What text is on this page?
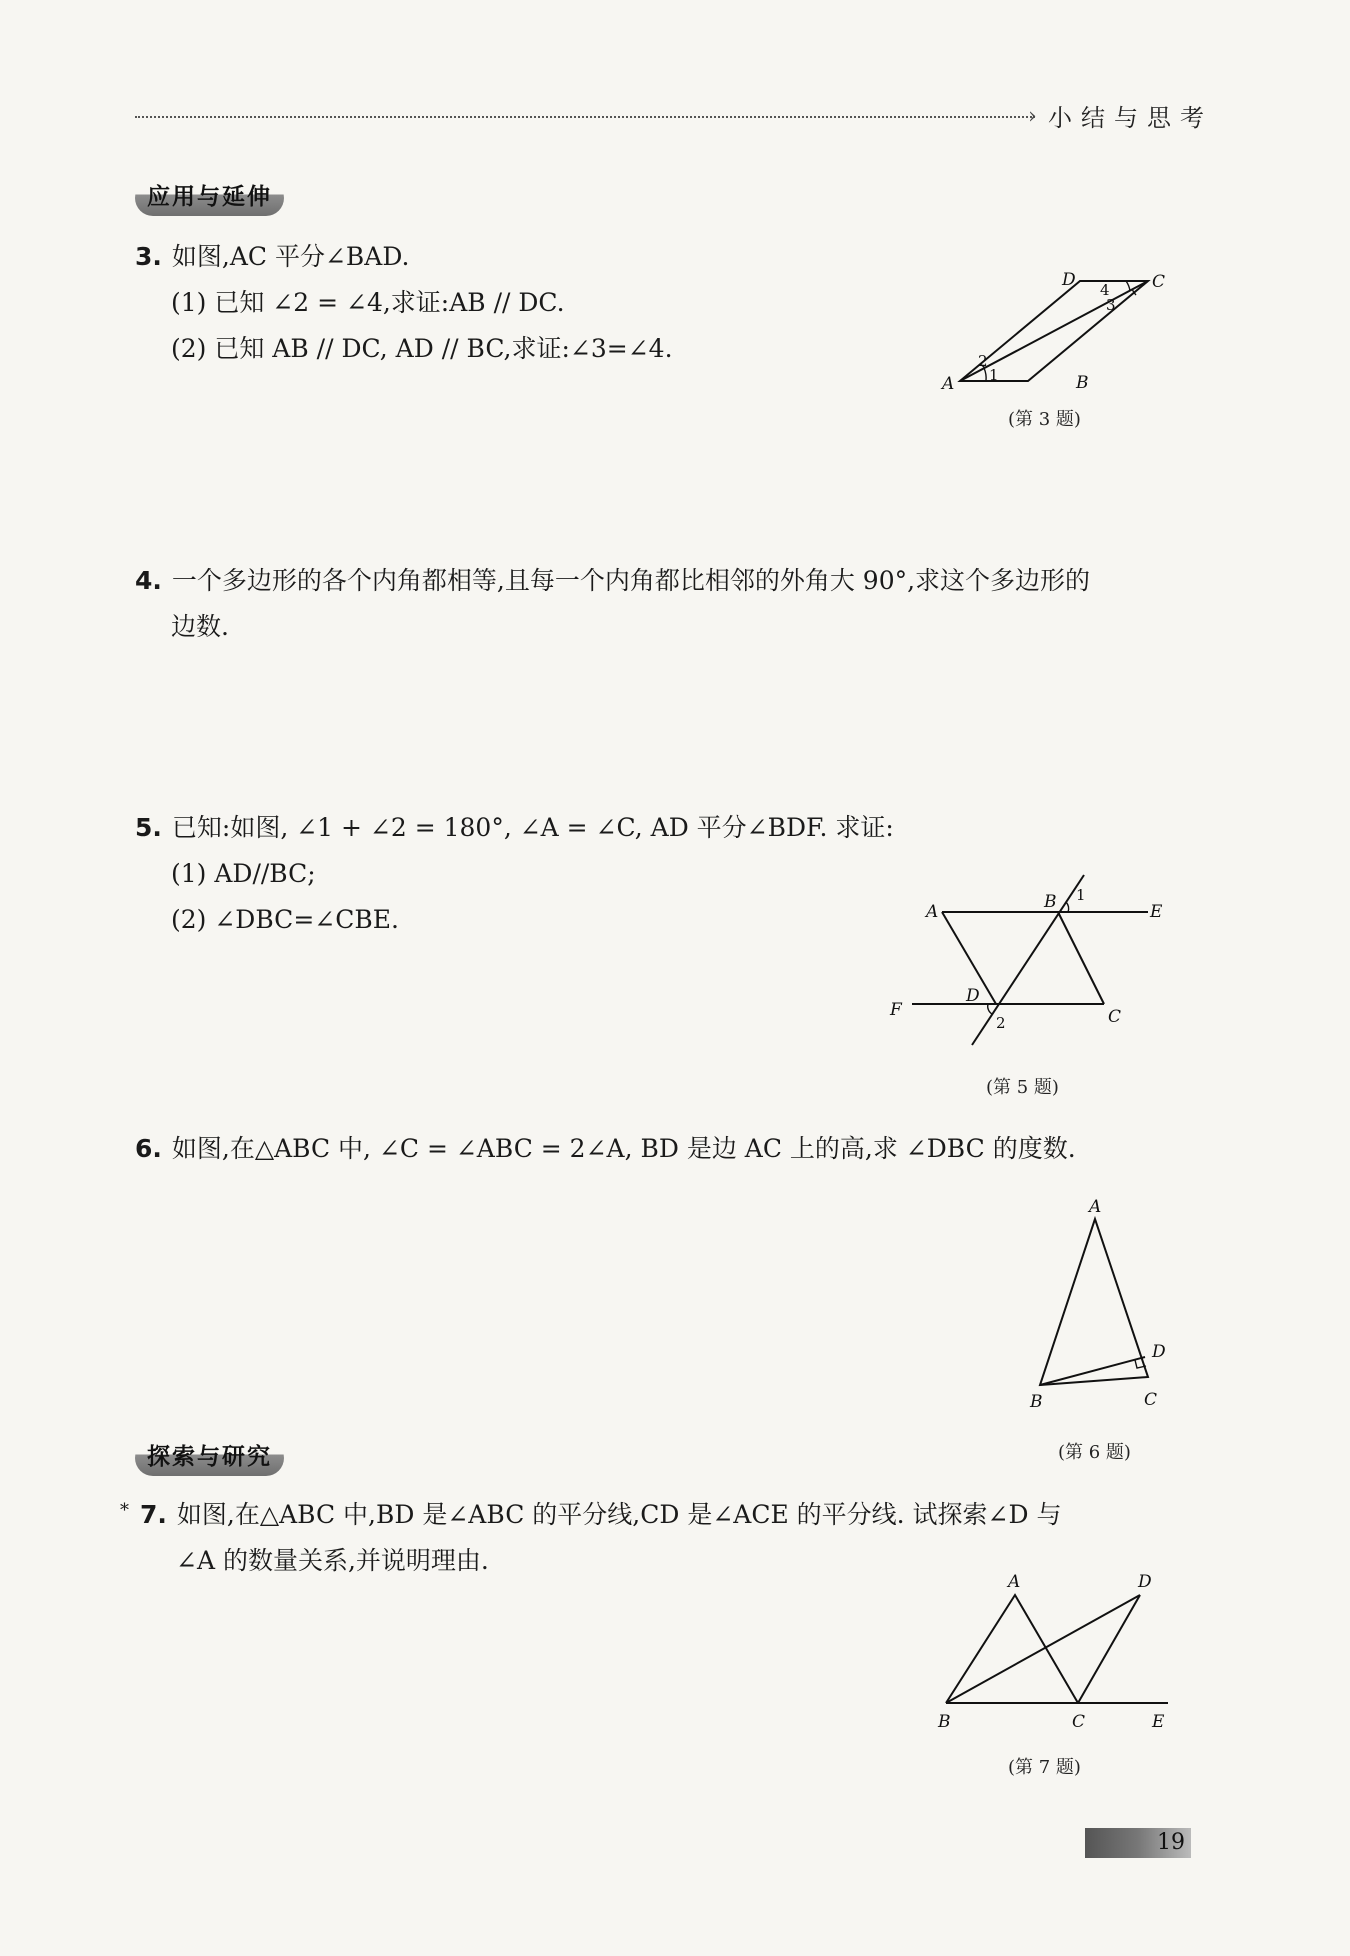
› 小结与思考
应用与延伸
3. 如图,AC 平分∠BAD.
(1) 已知 ∠2 = ∠4,求证:AB // DC.
(2) 已知 AB // DC, AD // BC,求证:∠3=∠4.
A	B
C
D
1
2
3
4
(第 3 题)
4. 一个多边形的各个内角都相等,且每一个内角都比相邻的外角大 90°,求这个多边形的
边数.
5. 已知:如图, ∠1 + ∠2 = 180°, ∠A = ∠C, AD 平分∠BDF. 求证:
(1) AD//BC;
(2) ∠DBC=∠CBE.	A	B
C
D
E
F
1
2
(第 5 题)
6. 如图,在△ABC 中, ∠C = ∠ABC = 2∠A, BD 是边 AC 上的高,求 ∠DBC 的度数.
A
B	C
D
(第 6 题)
探索与研究
* 7. 如图,在△ABC 中,BD 是∠ABC 的平分线,CD 是∠ACE 的平分线. 试探索∠D 与
∠A 的数量关系,并说明理由.
A
B	C
D
E
(第 7 题)
19
